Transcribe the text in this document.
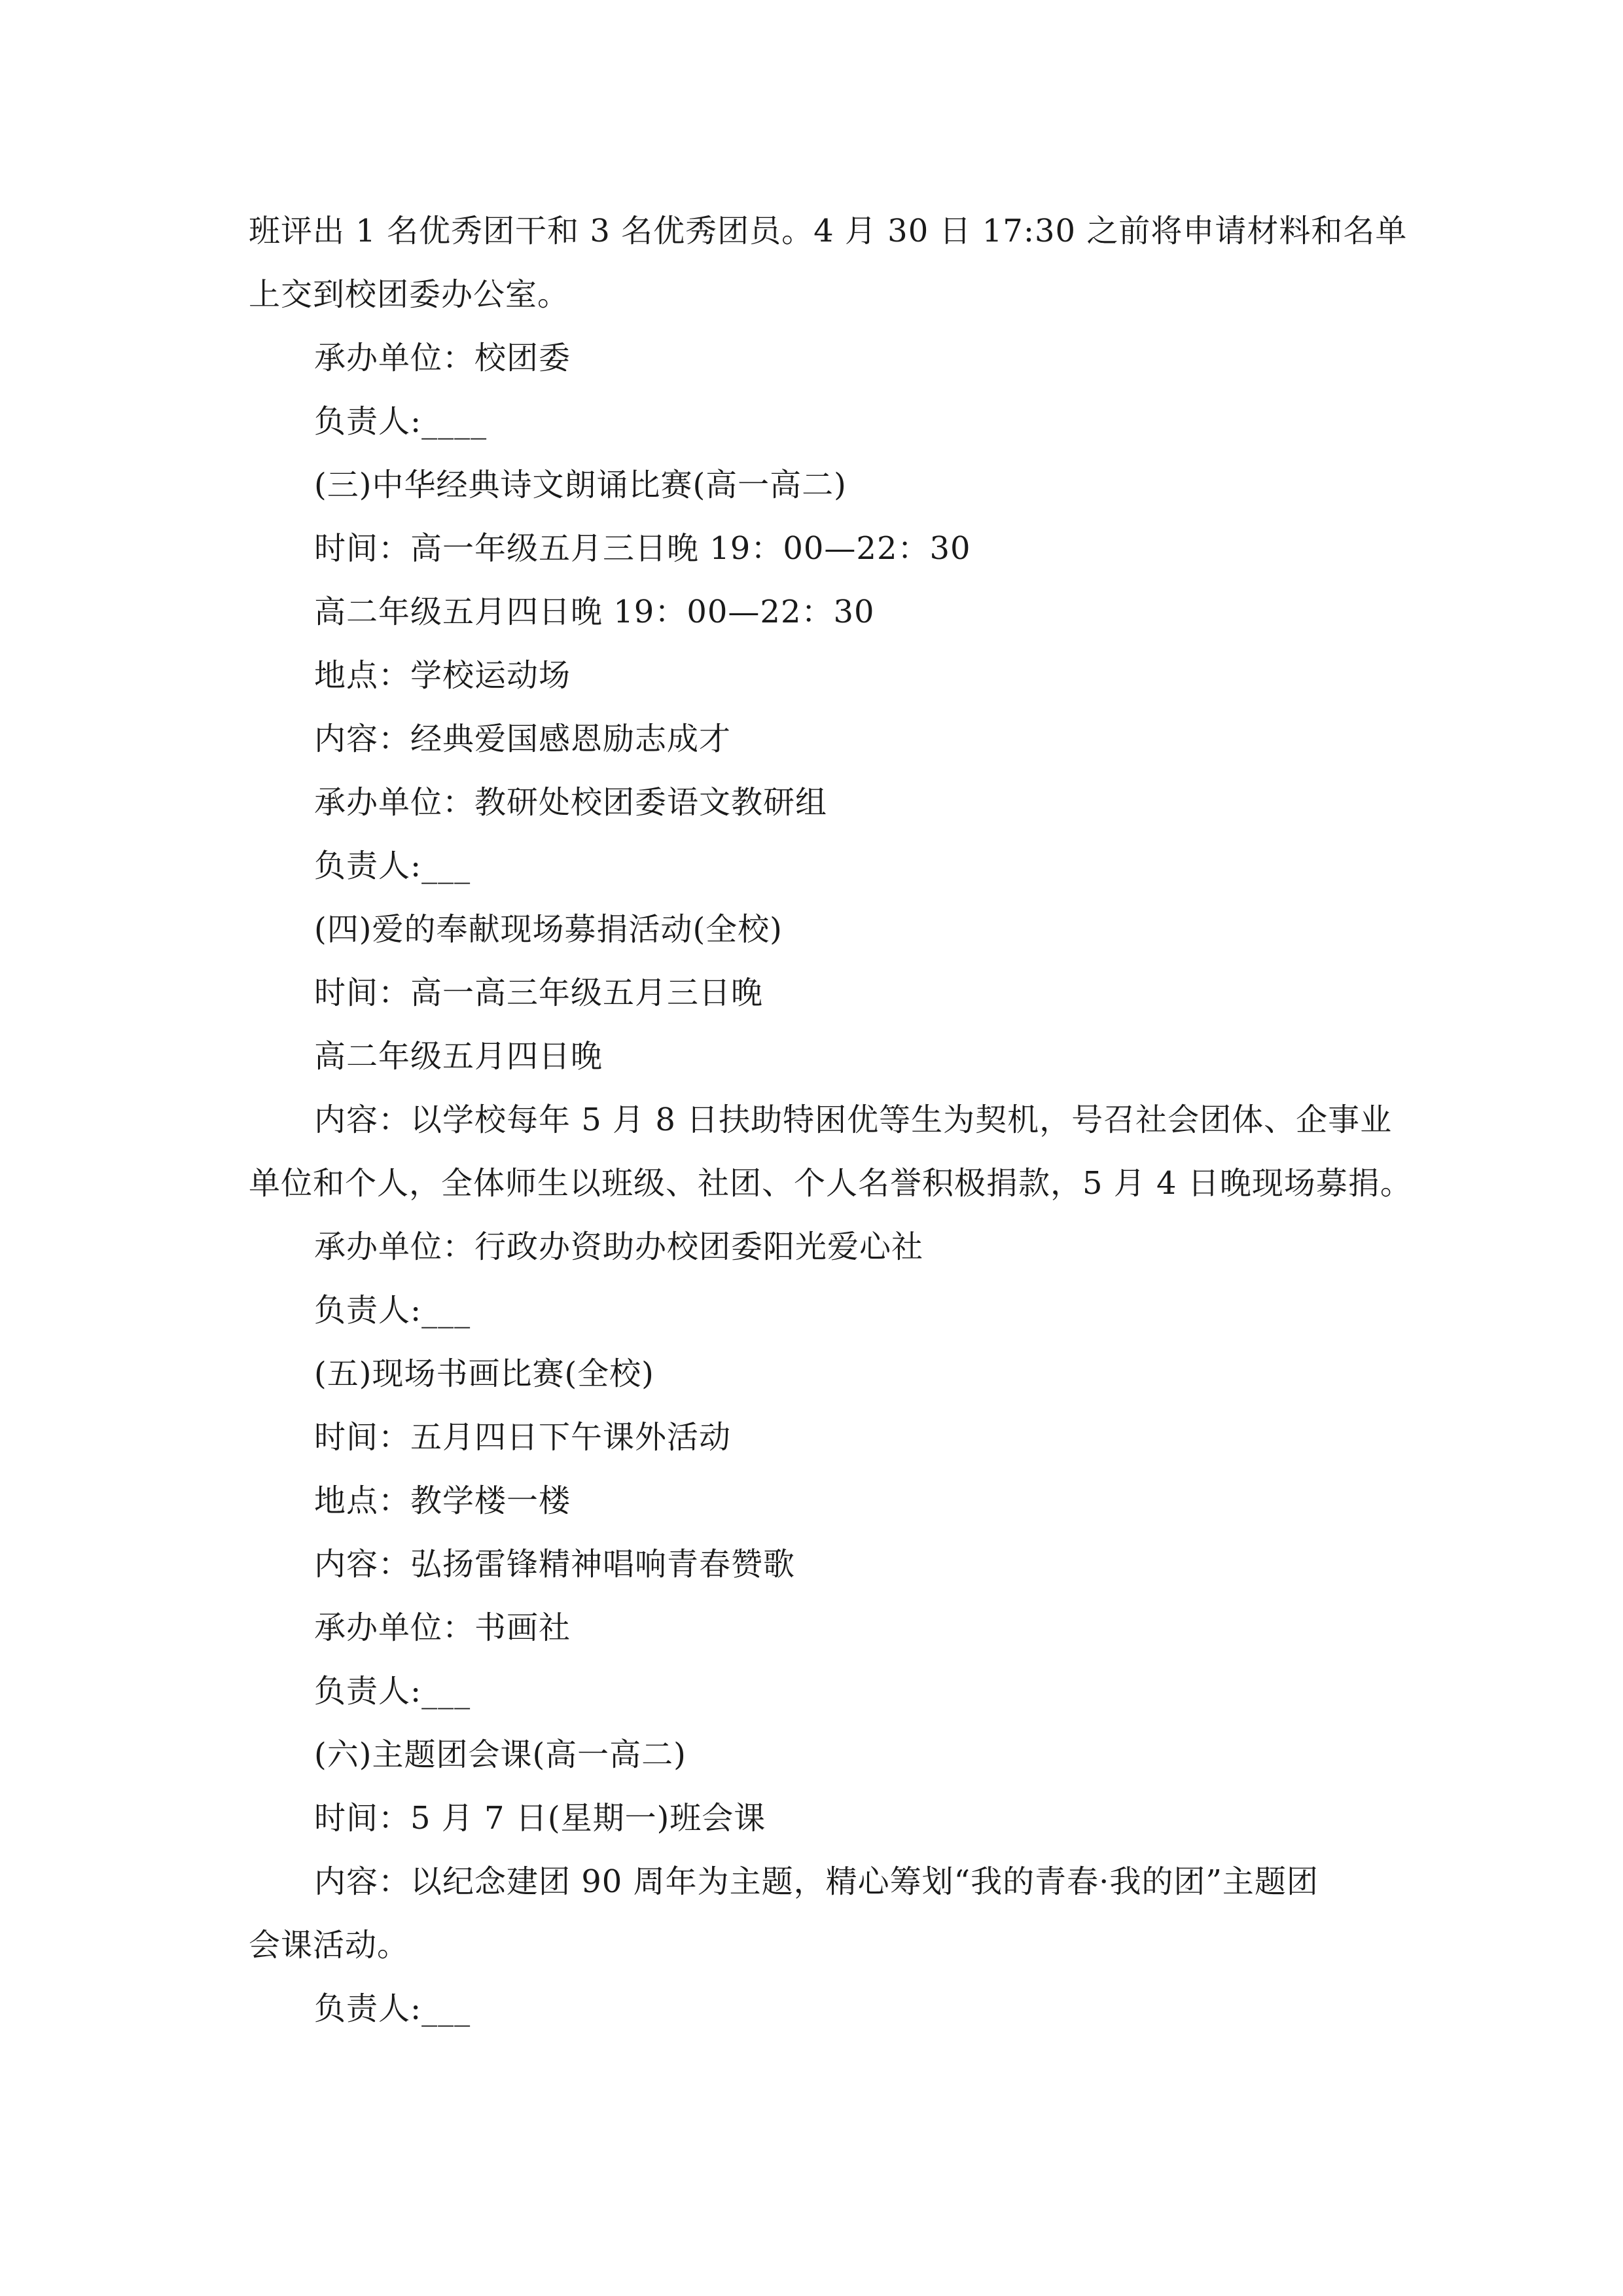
班评出 1 名优秀团干和 3 名优秀团员。4 月 30 日 17:30 之前将申请材料和名单
上交到校团委办公室。
承办单位：校团委
负责人:____
(三)中华经典诗文朗诵比赛(高一高二)
时间：高一年级五月三日晚 19：00—22：30
高二年级五月四日晚 19：00—22：30
地点：学校运动场
内容：经典爱国感恩励志成才
承办单位：教研处校团委语文教研组
负责人:___
(四)爱的奉献现场募捐活动(全校)
时间：高一高三年级五月三日晚
高二年级五月四日晚
内容：以学校每年 5 月 8 日扶助特困优等生为契机，号召社会团体、企事业
单位和个人，全体师生以班级、社团、个人名誉积极捐款，5 月 4 日晚现场募捐。
承办单位：行政办资助办校团委阳光爱心社
负责人:___
(五)现场书画比赛(全校)
时间：五月四日下午课外活动
地点：教学楼一楼
内容：弘扬雷锋精神唱响青春赞歌
承办单位：书画社
负责人:___
(六)主题团会课(高一高二)
时间：5 月 7 日(星期一)班会课
内容：以纪念建团 90 周年为主题，精心筹划“我的青春·我的团”主题团
会课活动。
负责人:___
